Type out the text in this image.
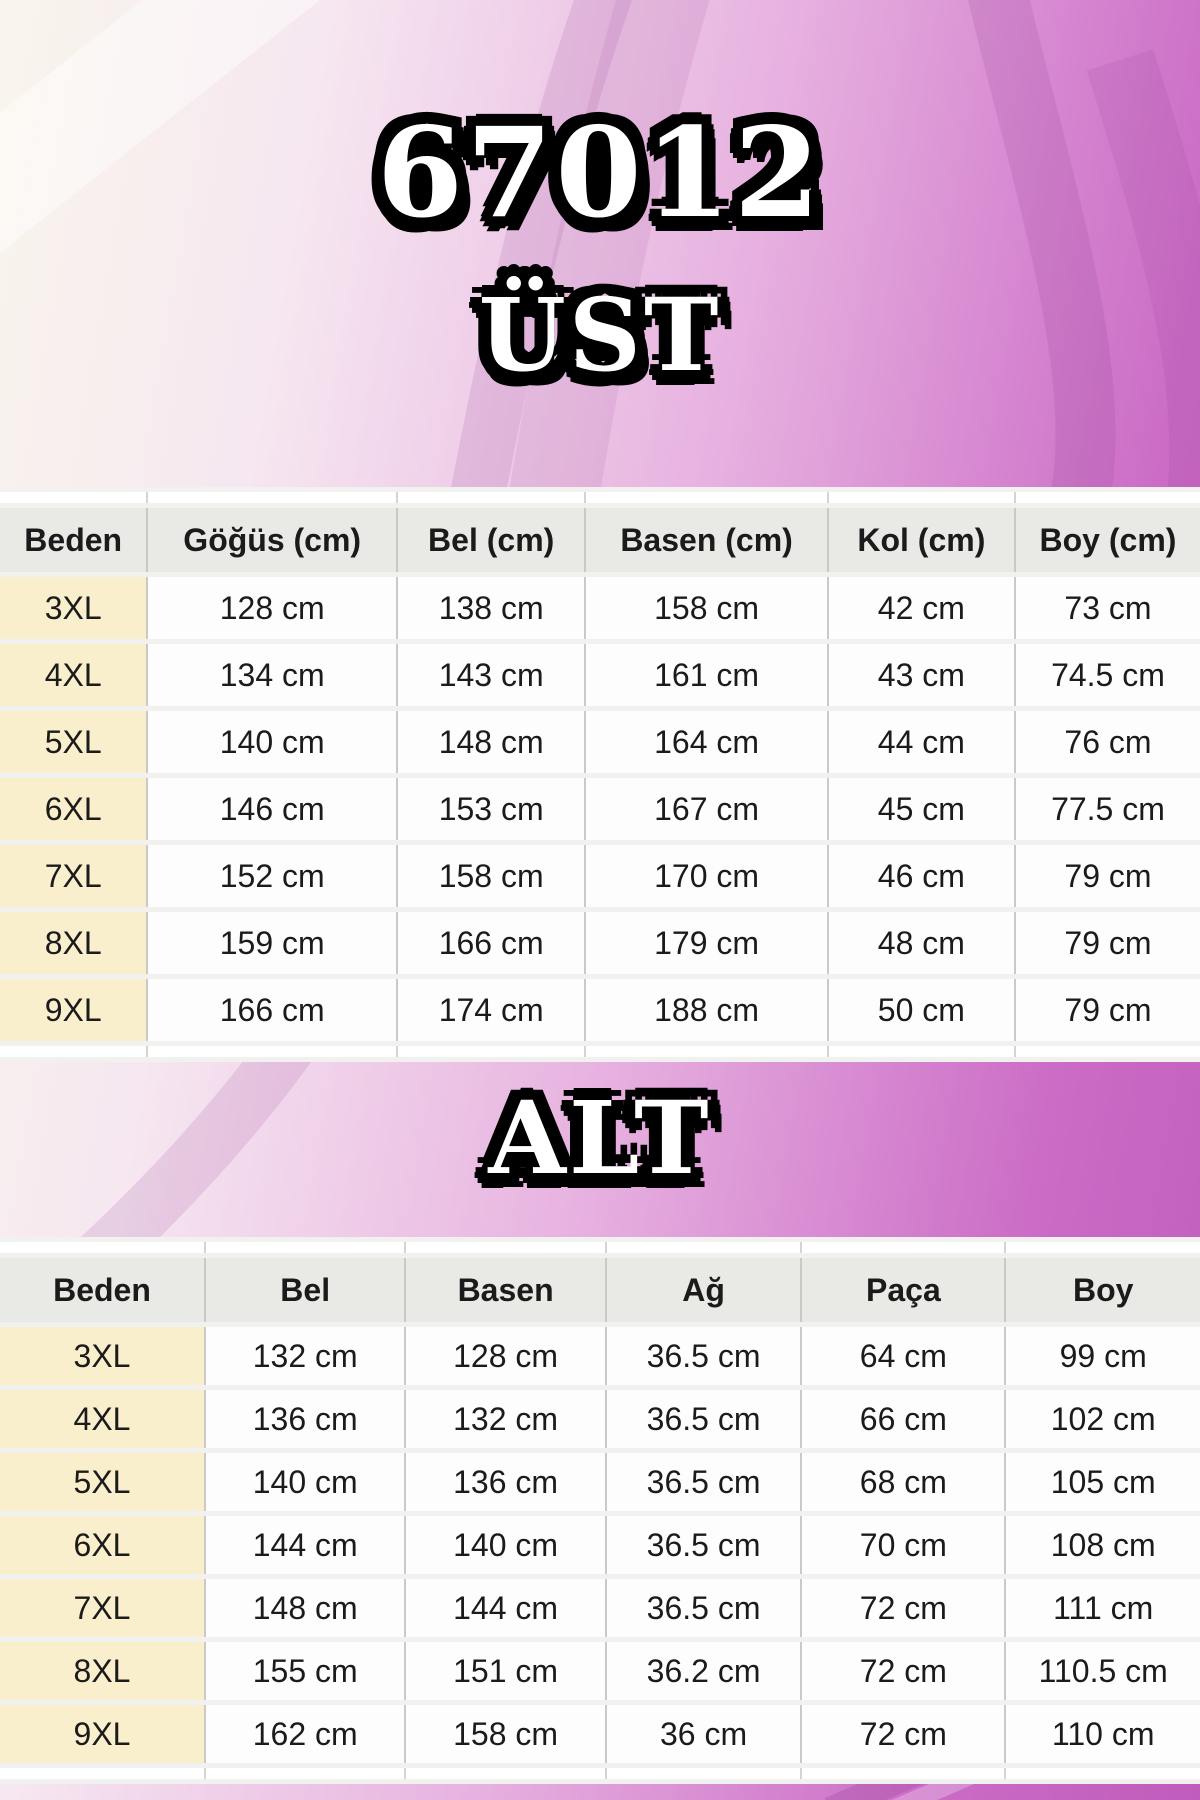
67012
ÜST

Beden	Göğüs (cm)	Bel (cm)	Basen (cm)	Kol (cm)	Boy (cm)
3XL	128 cm	138 cm	158 cm	42 cm	73 cm
4XL	134 cm	143 cm	161 cm	43 cm	74.5 cm
5XL	140 cm	148 cm	164 cm	44 cm	76 cm
6XL	146 cm	153 cm	167 cm	45 cm	77.5 cm
7XL	152 cm	158 cm	170 cm	46 cm	79 cm
8XL	159 cm	166 cm	179 cm	48 cm	79 cm
9XL	166 cm	174 cm	188 cm	50 cm	79 cm

ALT

Beden	Bel	Basen	Ağ	Paça	Boy
3XL	132 cm	128 cm	36.5 cm	64 cm	99 cm
4XL	136 cm	132 cm	36.5 cm	66 cm	102 cm
5XL	140 cm	136 cm	36.5 cm	68 cm	105 cm
6XL	144 cm	140 cm	36.5 cm	70 cm	108 cm
7XL	148 cm	144 cm	36.5 cm	72 cm	111 cm
8XL	155 cm	151 cm	36.2 cm	72 cm	110.5 cm
9XL	162 cm	158 cm	36 cm	72 cm	110 cm
